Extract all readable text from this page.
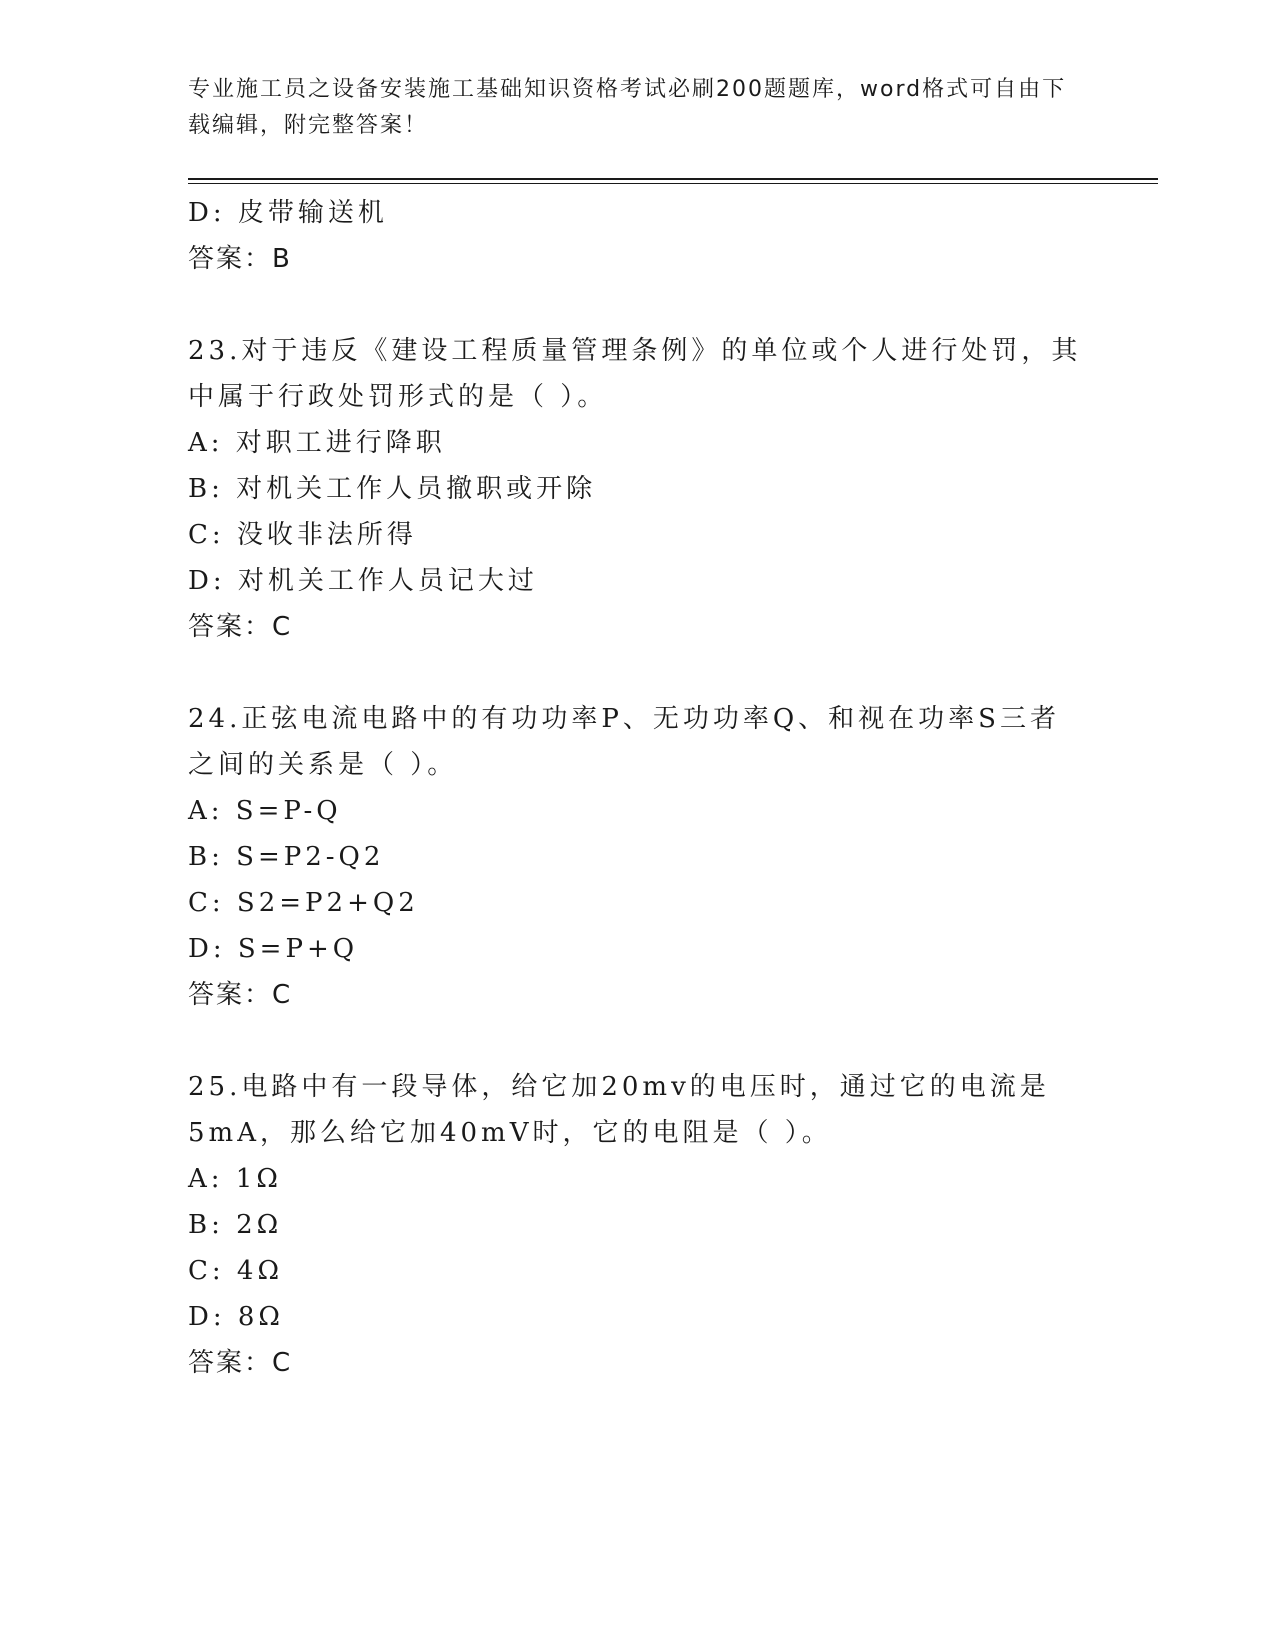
专业施工员之设备安装施工基础知识资格考试必刷200题题库，word格式可自由下载编辑，附完整答案！
D: 皮带输送机
答案：B
23.对于违反《建设工程质量管理条例》的单位或个人进行处罚，其中属于行政处罚形式的是（ ）。
A: 对职工进行降职
B: 对机关工作人员撤职或开除
C: 没收非法所得
D: 对机关工作人员记大过
答案：C
24.正弦电流电路中的有功功率P、无功功率Q、和视在功率S三者之间的关系是（ ）。
A: S=P-Q
B: S=P2-Q2
C: S2=P2+Q2
D: S=P+Q
答案：C
25.电路中有一段导体，给它加20mv的电压时，通过它的电流是5mA，那么给它加40mV时，它的电阻是（ ）。
A: 1Ω
B: 2Ω
C: 4Ω
D: 8Ω
答案：C
